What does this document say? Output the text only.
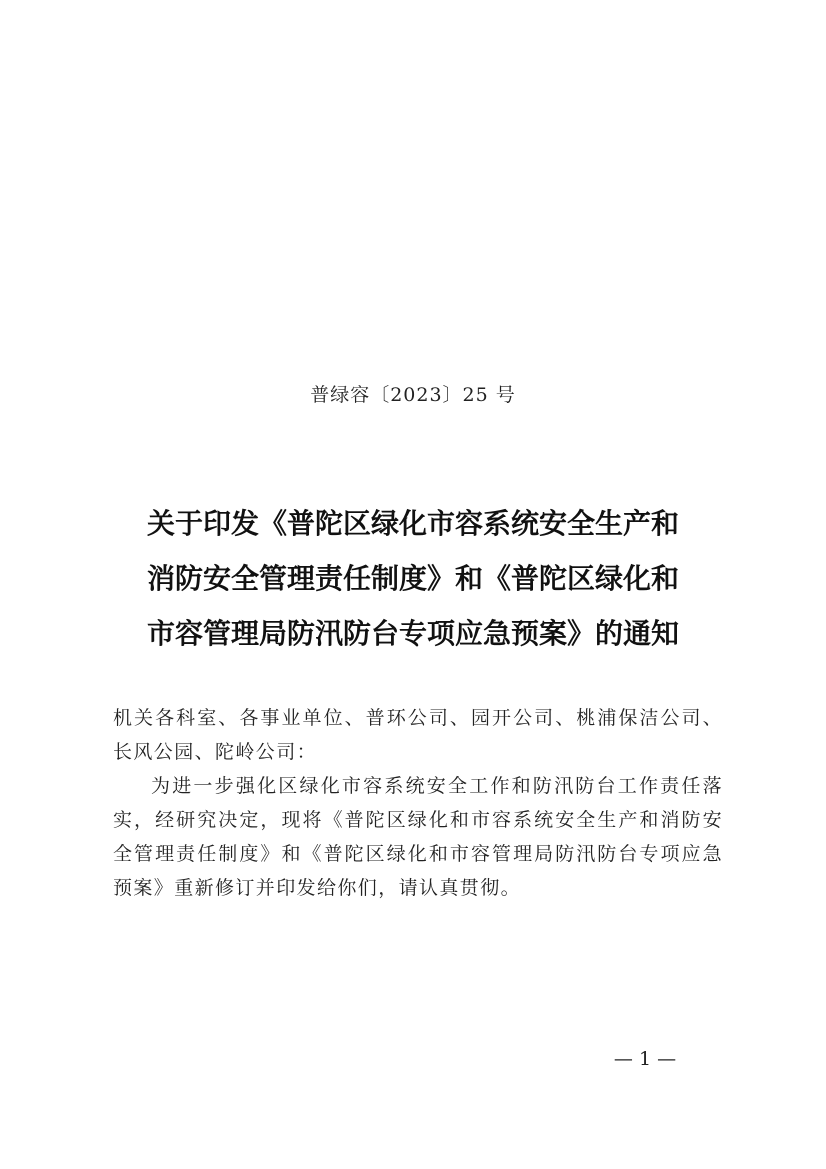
普绿容〔2023〕25 号
关于印发《普陀区绿化市容系统安全生产和
消防安全管理责任制度》和《普陀区绿化和
市容管理局防汛防台专项应急预案》的通知

机关各科室、各事业单位、普环公司、园开公司、桃浦保洁公司、长风公园、陀岭公司：

为进一步强化区绿化市容系统安全工作和防汛防台工作责任落实，经研究决定，现将《普陀区绿化和市容系统安全生产和消防安全管理责任制度》和《普陀区绿化和市容管理局防汛防台专项应急预案》重新修订并印发给你们，请认真贯彻。

— 1 —
